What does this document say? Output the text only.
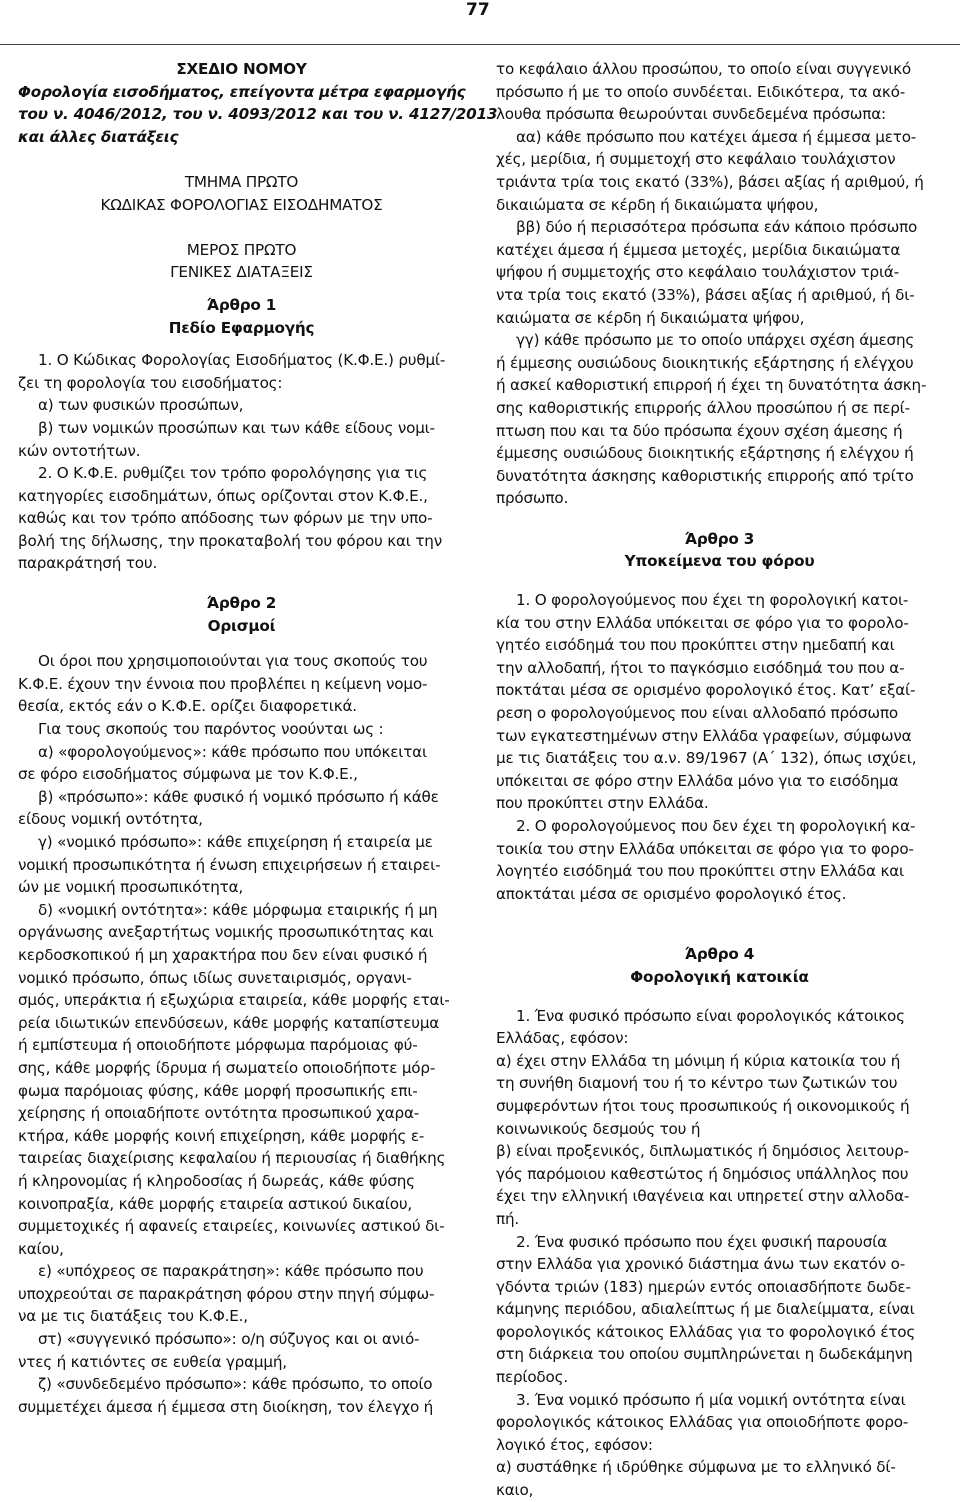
77
ΣΧΕΔΙΟ ΝΟΜΟΥ
Φορολογία εισοδήματος, επείγοντα μέτρα εφαρμογής
του ν. 4046/2012, του ν. 4093/2012 και του ν. 4127/2013
και άλλες διατάξεις
ΤΜΗΜΑ ΠΡΩΤΟ
ΚΩΔΙΚΑΣ ΦΟΡΟΛΟΓΙΑΣ ΕΙΣΟΔΗΜΑΤΟΣ
ΜΕΡΟΣ ΠΡΩΤΟ
ΓΕΝΙΚΕΣ ΔΙΑΤΑΞΕΙΣ
Άρθρο 1
Πεδίο Εφαρμογής
1. Ο Κώδικας Φορολογίας Εισοδήματος (Κ.Φ.Ε.) ρυθμί-
ζει τη φορολογία του εισοδήματος:
α) των φυσικών προσώπων,
β) των νομικών προσώπων και των κάθε είδους νομι-
κών οντοτήτων.
2. Ο Κ.Φ.Ε. ρυθμίζει τον τρόπο φορολόγησης για τις
κατηγορίες εισοδημάτων, όπως ορίζονται στον Κ.Φ.Ε.,
καθώς και τον τρόπο απόδοσης των φόρων με την υπο-
βολή της δήλωσης, την προκαταβολή του φόρου και την
παρακράτησή του.
Άρθρο 2
Ορισμοί
Οι όροι που χρησιμοποιούνται για τους σκοπούς του
Κ.Φ.Ε. έχουν την έννοια που προβλέπει η κείμενη νομο-
θεσία, εκτός εάν ο Κ.Φ.Ε. ορίζει διαφορετικά.
Για τους σκοπούς του παρόντος νοούνται ως :
α) «φορολογούμενος»: κάθε πρόσωπο που υπόκειται
σε φόρο εισοδήματος σύμφωνα με τον Κ.Φ.Ε.,
β) «πρόσωπο»: κάθε φυσικό ή νομικό πρόσωπο ή κάθε
είδους νομική οντότητα,
γ) «νομικό πρόσωπο»: κάθε επιχείρηση ή εταιρεία με
νομική προσωπικότητα ή ένωση επιχειρήσεων ή εταιρει-
ών με νομική προσωπικότητα,
δ) «νομική οντότητα»: κάθε μόρφωμα εταιρικής ή μη
οργάνωσης ανεξαρτήτως νομικής προσωπικότητας και
κερδοσκοπικού ή μη χαρακτήρα που δεν είναι φυσικό ή
νομικό πρόσωπο, όπως ιδίως συνεταιρισμός, οργανι-
σμός, υπεράκτια ή εξωχώρια εταιρεία, κάθε μορφής εται-
ρεία ιδιωτικών επενδύσεων, κάθε μορφής καταπίστευμα
ή εμπίστευμα ή οποιοδήποτε μόρφωμα παρόμοιας φύ-
σης, κάθε μορφής ίδρυμα ή σωματείο οποιοδήποτε μόρ-
φωμα παρόμοιας φύσης, κάθε μορφή προσωπικής επι-
χείρησης ή οποιαδήποτε οντότητα προσωπικού χαρα-
κτήρα, κάθε μορφής κοινή επιχείρηση, κάθε μορφής ε-
ταιρείας διαχείρισης κεφαλαίου ή περιουσίας ή διαθήκης
ή κληρονομίας ή κληροδοσίας ή δωρεάς, κάθε φύσης
κοινοπραξία, κάθε μορφής εταιρεία αστικού δικαίου,
συμμετοχικές ή αφανείς εταιρείες, κοινωνίες αστικού δι-
καίου,
ε) «υπόχρεος σε παρακράτηση»: κάθε πρόσωπο που
υποχρεούται σε παρακράτηση φόρου στην πηγή σύμφω-
να με τις διατάξεις του Κ.Φ.Ε.,
στ) «συγγενικό πρόσωπο»: ο/η σύζυγος και οι ανιό-
ντες ή κατιόντες σε ευθεία γραμμή,
ζ) «συνδεδεμένο πρόσωπο»: κάθε πρόσωπο, το οποίο
συμμετέχει άμεσα ή έμμεσα στη διοίκηση, τον έλεγχο ή
το κεφάλαιο άλλου προσώπου, το οποίο είναι συγγενικό
πρόσωπο ή με το οποίο συνδέεται. Ειδικότερα, τα ακό-
λουθα πρόσωπα θεωρούνται συνδεδεμένα πρόσωπα:
αα) κάθε πρόσωπο που κατέχει άμεσα ή έμμεσα μετο-
χές, μερίδια, ή συμμετοχή στο κεφάλαιο τουλάχιστον
τριάντα τρία τοις εκατό (33%), βάσει αξίας ή αριθμού, ή
δικαιώματα σε κέρδη ή δικαιώματα ψήφου,
ββ) δύο ή περισσότερα πρόσωπα εάν κάποιο πρόσωπο
κατέχει άμεσα ή έμμεσα μετοχές, μερίδια δικαιώματα
ψήφου ή συμμετοχής στο κεφάλαιο τουλάχιστον τριά-
ντα τρία τοις εκατό (33%), βάσει αξίας ή αριθμού, ή δι-
καιώματα σε κέρδη ή δικαιώματα ψήφου,
γγ) κάθε πρόσωπο με το οποίο υπάρχει σχέση άμεσης
ή έμμεσης ουσιώδους διοικητικής εξάρτησης ή ελέγχου
ή ασκεί καθοριστική επιρροή ή έχει τη δυνατότητα άσκη-
σης καθοριστικής επιρροής άλλου προσώπου ή σε περί-
πτωση που και τα δύο πρόσωπα έχουν σχέση άμεσης ή
έμμεσης ουσιώδους διοικητικής εξάρτησης ή ελέγχου ή
δυνατότητα άσκησης καθοριστικής επιρροής από τρίτο
πρόσωπο.
Άρθρο 3
Υποκείμενα του φόρου
1. Ο φορολογούμενος που έχει τη φορολογική κατοι-
κία του στην Ελλάδα υπόκειται σε φόρο για το φορολο-
γητέο εισόδημά του που προκύπτει στην ημεδαπή και
την αλλοδαπή, ήτοι το παγκόσμιο εισόδημά του που α-
ποκτάται μέσα σε ορισμένο φορολογικό έτος. Κατ’ εξαί-
ρεση ο φορολογούμενος που είναι αλλοδαπό πρόσωπο
των εγκατεστημένων στην Ελλάδα γραφείων, σύμφωνα
με τις διατάξεις του α.ν. 89/1967 (Α΄ 132), όπως ισχύει,
υπόκειται σε φόρο στην Ελλάδα μόνο για το εισόδημα
που προκύπτει στην Ελλάδα.
2. Ο φορολογούμενος που δεν έχει τη φορολογική κα-
τοικία του στην Ελλάδα υπόκειται σε φόρο για το φορο-
λογητέο εισόδημά του που προκύπτει στην Ελλάδα και
αποκτάται μέσα σε ορισμένο φορολογικό έτος.
Άρθρο 4
Φορολογική κατοικία
1. Ένα φυσικό πρόσωπο είναι φορολογικός κάτοικος
Ελλάδας, εφόσον:
α) έχει στην Ελλάδα τη μόνιμη ή κύρια κατοικία του ή
τη συνήθη διαμονή του ή το κέντρο των ζωτικών του
συμφερόντων ήτοι τους προσωπικούς ή οικονομικούς ή
κοινωνικούς δεσμούς του ή
β) είναι προξενικός, διπλωματικός ή δημόσιος λειτουρ-
γός παρόμοιου καθεστώτος ή δημόσιος υπάλληλος που
έχει την ελληνική ιθαγένεια και υπηρετεί στην αλλοδα-
πή.
2. Ένα φυσικό πρόσωπο που έχει φυσική παρουσία
στην Ελλάδα για χρονικό διάστημα άνω των εκατόν ο-
γδόντα τριών (183) ημερών εντός οποιασδήποτε δωδε-
κάμηνης περιόδου, αδιαλείπτως ή με διαλείμματα, είναι
φορολογικός κάτοικος Ελλάδας για το φορολογικό έτος
στη διάρκεια του οποίου συμπληρώνεται η δωδεκάμηνη
περίοδος.
3. Ένα νομικό πρόσωπο ή μία νομική οντότητα είναι
φορολογικός κάτοικος Ελλάδας για οποιοδήποτε φορο-
λογικό έτος, εφόσον:
α) συστάθηκε ή ιδρύθηκε σύμφωνα με το ελληνικό δί-
καιο,
